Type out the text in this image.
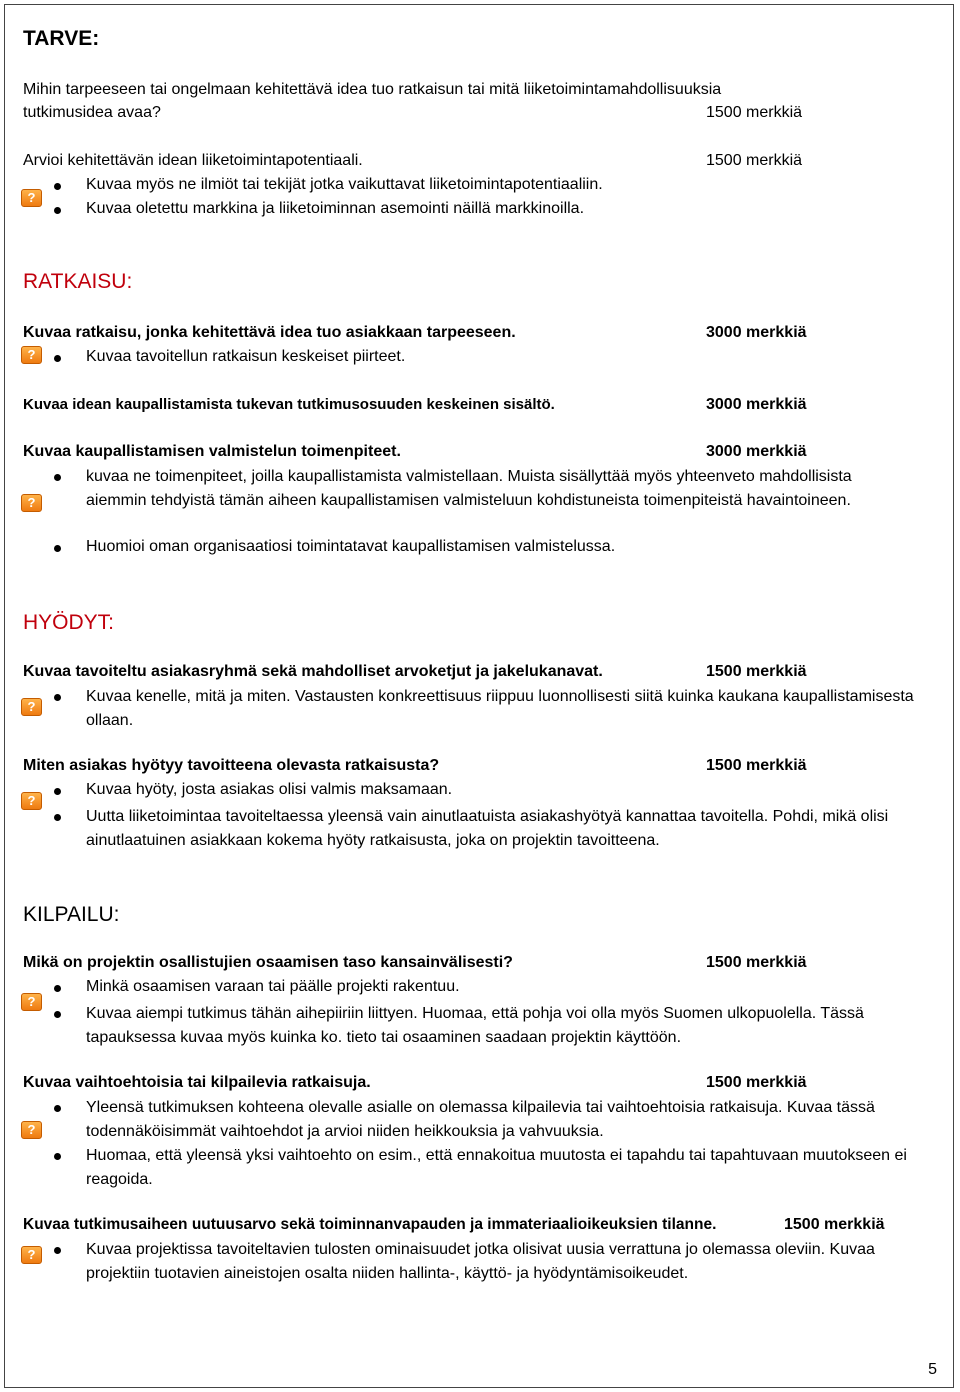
TARVE:
Mihin tarpeeseen tai ongelmaan kehitettävä idea tuo ratkaisun tai mitä liiketoimintamahdollisuuksia
tutkimusidea avaa?	1500 merkkiä
Arvioi kehitettävän idean liiketoimintapotentiaali.	1500 merkkiä
?
Kuvaa myös ne ilmiöt tai tekijät jotka vaikuttavat liiketoimintapotentiaaliin.
Kuvaa oletettu markkina ja liiketoiminnan asemointi näillä markkinoilla.
RATKAISU:
Kuvaa ratkaisu, jonka kehitettävä idea tuo asiakkaan tarpeeseen.	3000 merkkiä
?	Kuvaa tavoitellun ratkaisun keskeiset piirteet.
Kuvaa idean kaupallistamista tukevan tutkimusosuuden keskeinen sisältö.	3000 merkkiä
Kuvaa kaupallistamisen valmistelun toimenpiteet.	3000 merkkiä
?
kuvaa ne toimenpiteet, joilla kaupallistamista valmistellaan. Muista sisällyttää myös yhteenveto mahdollisista aiemmin tehdyistä tämän aiheen kaupallistamisen valmisteluun kohdistuneista toimenpiteistä havaintoineen.
Huomioi oman organisaatiosi toimintatavat kaupallistamisen valmistelussa.
HYÖDYT:
Kuvaa tavoiteltu asiakasryhmä sekä mahdolliset arvoketjut ja jakelukanavat.	1500 merkkiä
?
Kuvaa kenelle, mitä ja miten. Vastausten konkreettisuus riippuu luonnollisesti siitä kuinka kaukana kaupallistamisesta ollaan.
Miten asiakas hyötyy tavoitteena olevasta ratkaisusta?	1500 merkkiä
?
Kuvaa hyöty, josta asiakas olisi valmis maksamaan.
Uutta liiketoimintaa tavoiteltaessa yleensä vain ainutlaatuista asiakashyötyä kannattaa tavoitella. Pohdi, mikä olisi ainutlaatuinen asiakkaan kokema hyöty ratkaisusta, joka on projektin tavoitteena.
KILPAILU:
Mikä on projektin osallistujien osaamisen taso kansainvälisesti?	1500 merkkiä
?
Minkä osaamisen varaan tai päälle projekti rakentuu.
Kuvaa aiempi tutkimus tähän aihepiiriin liittyen. Huomaa, että pohja voi olla myös Suomen ulkopuolella. Tässä tapauksessa kuvaa myös kuinka ko. tieto tai osaaminen saadaan projektin käyttöön.
Kuvaa vaihtoehtoisia tai kilpailevia ratkaisuja.	1500 merkkiä
?
Yleensä tutkimuksen kohteena olevalle asialle on olemassa kilpailevia tai vaihtoehtoisia ratkaisuja. Kuvaa tässä todennäköisimmät vaihtoehdot ja arvioi niiden heikkouksia ja vahvuuksia.
Huomaa, että yleensä yksi vaihtoehto on esim., että ennakoitua muutosta ei tapahdu tai tapahtuvaan muutokseen ei reagoida.
Kuvaa tutkimusaiheen uutuusarvo sekä toiminnanvapauden ja immateriaalioikeuksien tilanne.	1500 merkkiä
?	Kuvaa projektissa tavoiteltavien tulosten ominaisuudet jotka olisivat uusia verrattuna jo olemassa oleviin. Kuvaa projektiin tuotavien aineistojen osalta niiden hallinta-, käyttö- ja hyödyntämisoikeudet.
5
